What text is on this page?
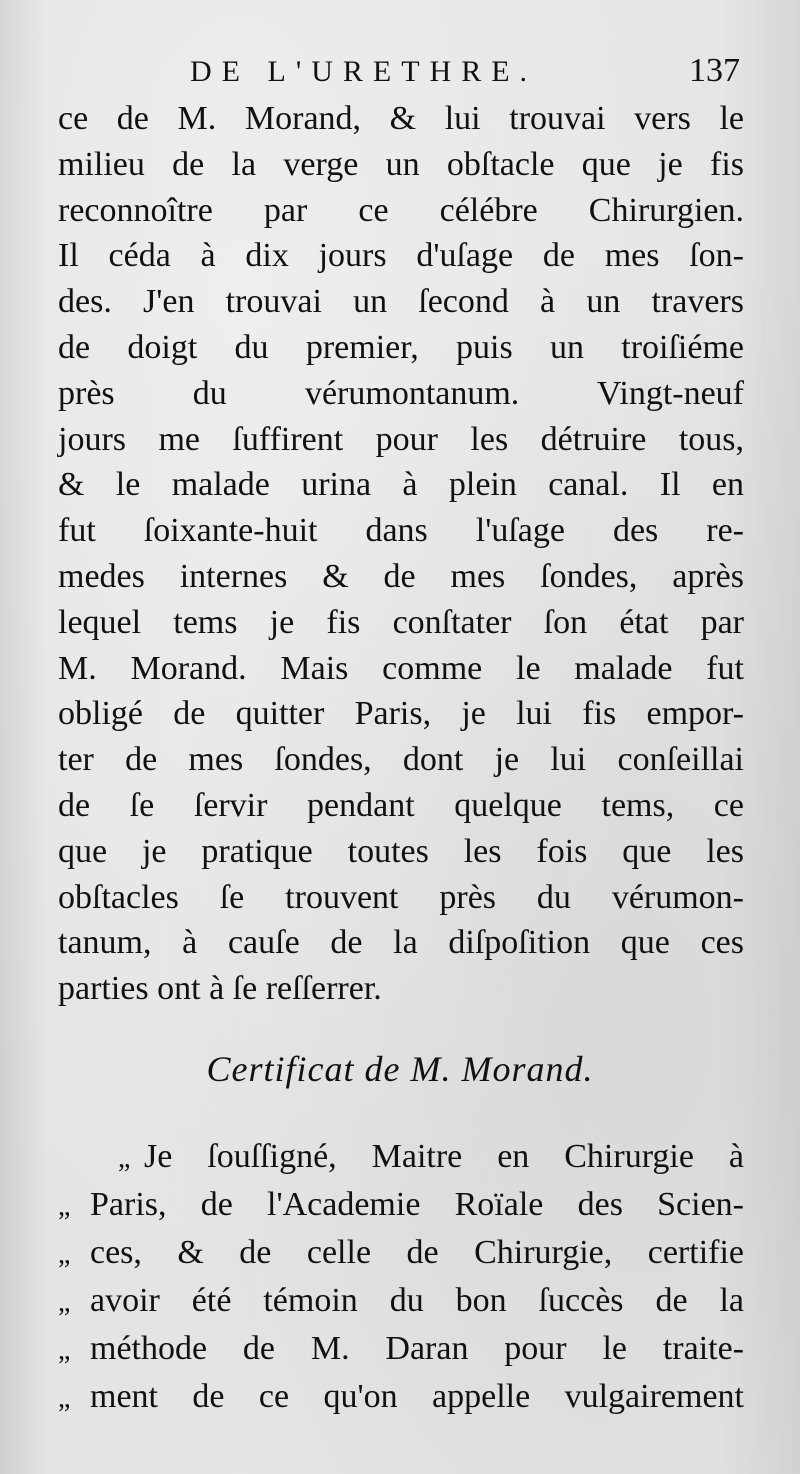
DE L'URETHRE.	137
ce de M. Morand, & lui trouvai vers le
milieu de la verge un obſtacle que je fis
reconnoître par ce célébre Chirurgien.
Il céda à dix jours d'uſage de mes ſon-
des. J'en trouvai un ſecond à un travers
de doigt du premier, puis un troiſiéme
près du vérumontanum. Vingt-neuf
jours me ſuffirent pour les détruire tous,
& le malade urina à plein canal. Il en
fut ſoixante-huit dans l'uſage des re-
medes internes & de mes ſondes, après
lequel tems je fis conſtater ſon état par
M. Morand. Mais comme le malade fut
obligé de quitter Paris, je lui fis empor-
ter de mes ſondes, dont je lui conſeillai
de ſe ſervir pendant quelque tems, ce
que je pratique toutes les fois que les
obſtacles ſe trouvent près du vérumon-
tanum, à cauſe de la diſpoſition que ces
parties ont à ſe reſſerrer.
Certificat de M. Morand.
„ Je ſouſſigné, Maitre en Chirurgie à
„ Paris, de l'Academie Roïale des Scien-
„ ces, & de celle de Chirurgie, certifie
„ avoir été témoin du bon ſuccès de la
„ méthode de M. Daran pour le traite-
„ ment de ce qu'on appelle vulgairement
